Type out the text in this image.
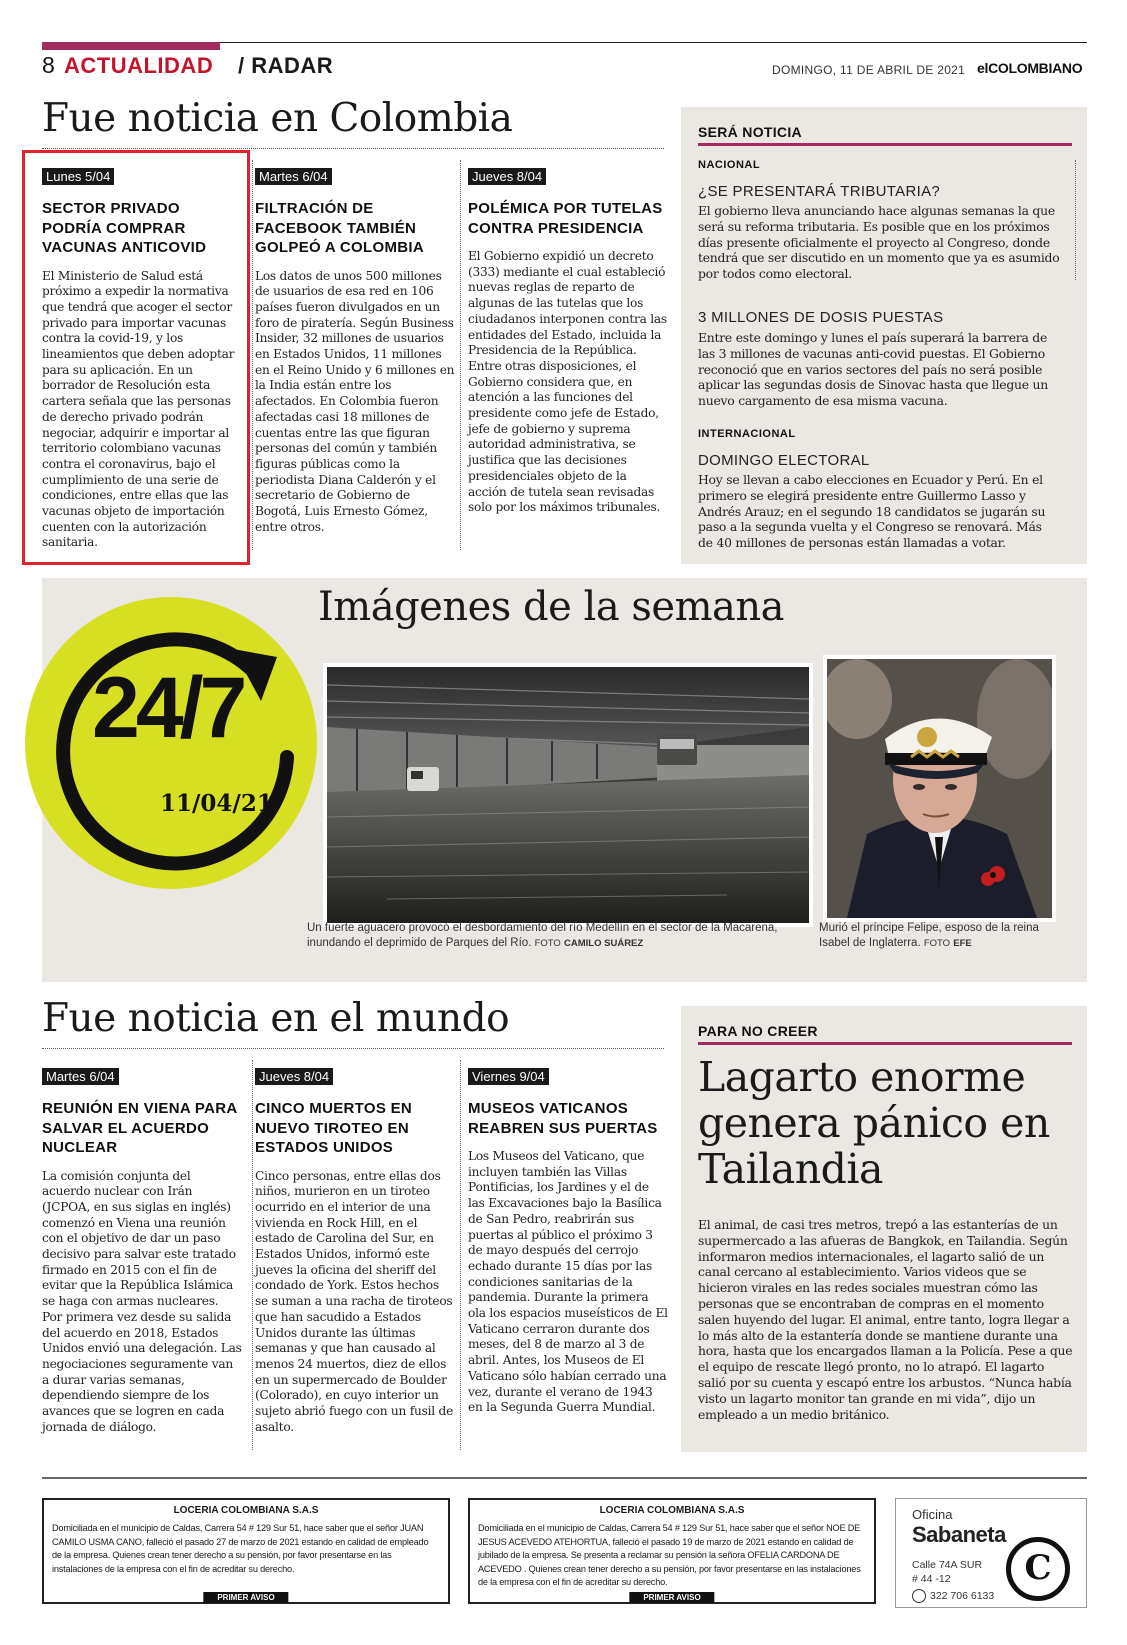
8 ACTUALIDAD / RADAR	DOMINGO, 11 DE ABRIL DE 2021 elCOLOMBIANO
Fue noticia en Colombia
Lunes 5/04
SECTOR PRIVADO PODRÍA COMPRAR VACUNAS ANTICOVID

El Ministerio de Salud está próximo a expedir la normativa que tendrá que acoger el sector privado para importar vacunas contra la covid-19, y los lineamientos que deben adoptar para su aplicación. En un borrador de Resolución esta cartera señala que las personas de derecho privado podrán negociar, adquirir e importar al territorio colombiano vacunas contra el coronavirus, bajo el cumplimiento de una serie de condiciones, entre ellas que las vacunas objeto de importación cuenten con la autorización sanitaria.

Martes 6/04
FILTRACIÓN DE FACEBOOK TAMBIÉN GOLPEÓ A COLOMBIA

Los datos de unos 500 millones de usuarios de esa red en 106 países fueron divulgados en un foro de piratería. Según Business Insider, 32 millones de usuarios en Estados Unidos, 11 millones en el Reino Unido y 6 millones en la India están entre los afectados. En Colombia fueron afectadas casi 18 millones de cuentas entre las que figuran personas del común y también figuras públicas como la periodista Diana Calderón y el secretario de Gobierno de Bogotá, Luis Ernesto Gómez, entre otros.

Jueves 8/04
POLÉMICA POR TUTELAS CONTRA PRESIDENCIA

El Gobierno expidió un decreto (333) mediante el cual estableció nuevas reglas de reparto de algunas de las tutelas que los ciudadanos interponen contra las entidades del Estado, incluida la Presidencia de la República. Entre otras disposiciones, el Gobierno considera que, en atención a las funciones del presidente como jefe de Estado, jefe de gobierno y suprema autoridad administrativa, se justifica que las decisiones presidenciales objeto de la acción de tutela sean revisadas solo por los máximos tribunales.

SERÁ NOTICIA
NACIONAL
¿SE PRESENTARÁ TRIBUTARIA?
El gobierno lleva anunciando hace algunas semanas la que será su reforma tributaria. Es posible que en los próximos días presente oficialmente el proyecto al Congreso, donde tendrá que ser discutido en un momento que ya es asumido por todos como electoral.
3 MILLONES DE DOSIS PUESTAS
Entre este domingo y lunes el país superará la barrera de las 3 millones de vacunas anti-covid puestas. El Gobierno reconoció que en varios sectores del país no será posible aplicar las segundas dosis de Sinovac hasta que llegue un nuevo cargamento de esa misma vacuna.
INTERNACIONAL
DOMINGO ELECTORAL
Hoy se llevan a cabo elecciones en Ecuador y Perú. En el primero se elegirá presidente entre Guillermo Lasso y Andrés Arauz; en el segundo 18 candidatos se jugarán su paso a la segunda vuelta y el Congreso se renovará. Más de 40 millones de personas están llamadas a votar.
Imágenes de la semana
24/7
11/04/21
Un fuerte aguacero provocó el desbordamiento del río Medellín en el sector de la Macarena, inundando el deprimido de Parques del Río. FOTO CAMILO SUÁREZ
Murió el príncipe Felipe, esposo de la reina Isabel de Inglaterra. FOTO EFE
Fue noticia en el mundo
Martes 6/04
REUNIÓN EN VIENA PARA SALVAR EL ACUERDO NUCLEAR

La comisión conjunta del acuerdo nuclear con Irán (JCPOA, en sus siglas en inglés) comenzó en Viena una reunión con el objetivo de dar un paso decisivo para salvar este tratado firmado en 2015 con el fin de evitar que la República Islámica se haga con armas nucleares. Por primera vez desde su salida del acuerdo en 2018, Estados Unidos envió una delegación. Las negociaciones seguramente van a durar varias semanas, dependiendo siempre de los avances que se logren en cada jornada de diálogo.

Jueves 8/04
CINCO MUERTOS EN NUEVO TIROTEO EN ESTADOS UNIDOS

Cinco personas, entre ellas dos niños, murieron en un tiroteo ocurrido en el interior de una vivienda en Rock Hill, en el estado de Carolina del Sur, en Estados Unidos, informó este jueves la oficina del sheriff del condado de York. Estos hechos se suman a una racha de tiroteos que han sacudido a Estados Unidos durante las últimas semanas y que han causado al menos 24 muertos, diez de ellos en un supermercado de Boulder (Colorado), en cuyo interior un sujeto abrió fuego con un fusil de asalto.

Viernes 9/04
MUSEOS VATICANOS REABREN SUS PUERTAS

Los Museos del Vaticano, que incluyen también las Villas Pontificias, los Jardines y el de las Excavaciones bajo la Basílica de San Pedro, reabrirán sus puertas al público el próximo 3 de mayo después del cerrojo echado durante 15 días por las condiciones sanitarias de la pandemia. Durante la primera ola los espacios museísticos de El Vaticano cerraron durante dos meses, del 8 de marzo al 3 de abril. Antes, los Museos de El Vaticano sólo habían cerrado una vez, durante el verano de 1943 en la Segunda Guerra Mundial.

PARA NO CREER
Lagarto enorme genera pánico en Tailandia
El animal, de casi tres metros, trepó a las estanterías de un supermercado a las afueras de Bangkok, en Tailandia. Según informaron medios internacionales, el lagarto salió de un canal cercano al establecimiento. Varios videos que se hicieron virales en las redes sociales muestran cómo las personas que se encontraban de compras en el momento salen huyendo del lugar. El animal, entre tanto, logra llegar a lo más alto de la estantería donde se mantiene durante una hora, hasta que los encargados llaman a la Policía. Pese a que el equipo de rescate llegó pronto, no lo atrapó. El lagarto salió por su cuenta y escapó entre los arbustos. “Nunca había visto un lagarto monitor tan grande en mi vida”, dijo un empleado a un medio británico.
LOCERIA COLOMBIANA S.A.S
Domiciliada en el municipio de Caldas, Carrera 54 # 129 Sur 51, hace saber que el señor JUAN CAMILO USMA CANO, falleció el pasado 27 de marzo de 2021 estando en calidad de empleado de la empresa. Quienes crean tener derecho a su pensión, por favor presentarse en las instalaciones de la empresa con el fin de acreditar su derecho.
PRIMER AVISO
LOCERIA COLOMBIANA S.A.S
Domiciliada en el municipio de Caldas, Carrera 54 # 129 Sur 51, hace saber que el señor NOE DE JESUS ACEVEDO ATEHORTUA, falleció el pasado 19 de marzo de 2021 estando en calidad de jubilado de la empresa. Se presenta a reclamar su pensión la señora OFELIA CARDONA DE ACEVEDO . Quienes crean tener derecho a su pensión, por favor presentarse en las instalaciones de la empresa con el fin de acreditar su derecho.
PRIMER AVISO
Oficina
Sabaneta
Calle 74A SUR
# 44 -12
322 706 6133
C
